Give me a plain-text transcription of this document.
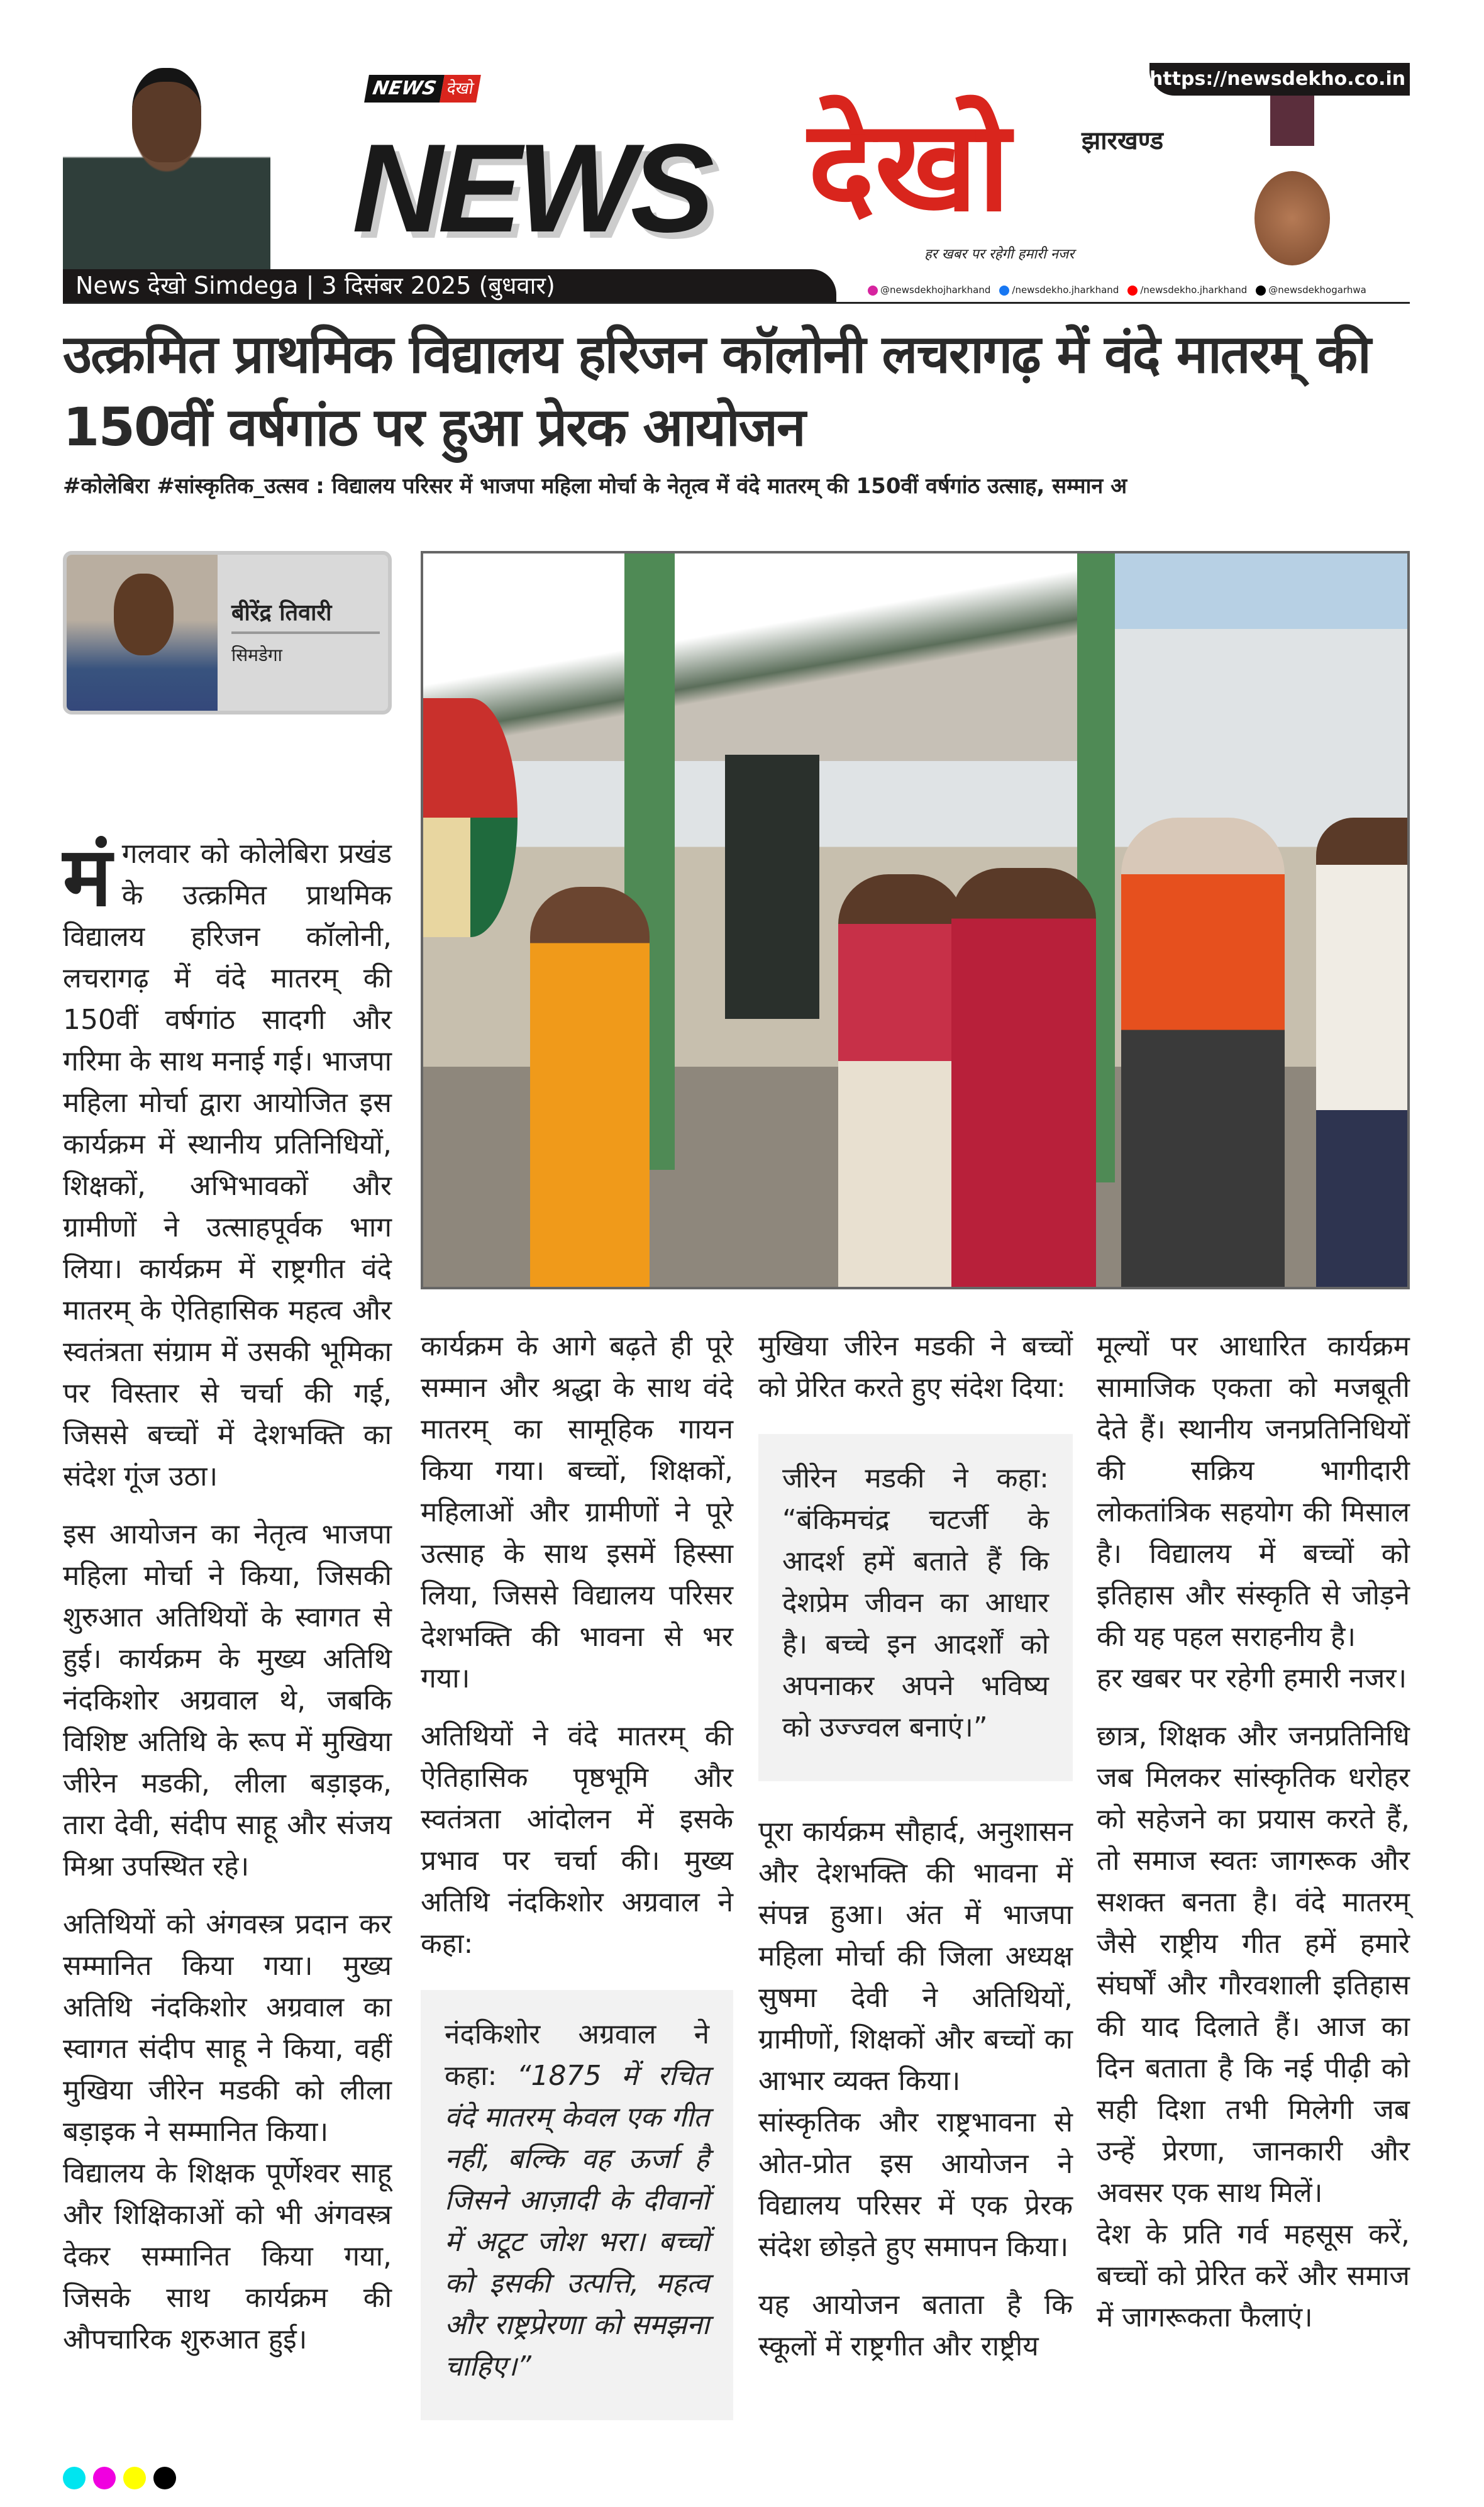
News देखो Simdega | 3 दिसंबर 2025 (बुधवार)
NEWS देखो
NEWS देखो	झारखण्ड
हर खबर पर रहेगी हमारी नजर
https://newsdekho.co.in
@newsdekhojharkhand	/newsdekho.jharkhand	/newsdekho.jharkhand	@newsdekhogarhwa
उत्क्रमित प्राथमिक विद्यालय हरिजन कॉलोनी लचरागढ़ में वंदे मातरम् की 150वीं वर्षगांठ पर हुआ प्रेरक आयोजन
#कोलेबिरा #सांस्कृतिक_उत्सव : विद्यालय परिसर में भाजपा महिला मोर्चा के नेतृत्व में वंदे मातरम् की 150वीं वर्षगांठ उत्साह, सम्मान अ
बीरेंद्र तिवारी
सिमडेगा

मंगलवार को कोलेबिरा प्रखंड के उत्क्रमित प्राथमिक विद्यालय हरिजन कॉलोनी, लचरागढ़ में वंदे मातरम् की 150वीं वर्षगांठ सादगी और गरिमा के साथ मनाई गई। भाजपा महिला मोर्चा द्वारा आयोजित इस कार्यक्रम में स्थानीय प्रतिनिधियों, शिक्षकों, अभिभावकों और ग्रामीणों ने उत्साहपूर्वक भाग लिया। कार्यक्रम में राष्ट्रगीत वंदे मातरम् के ऐतिहासिक महत्व और स्वतंत्रता संग्राम में उसकी भूमिका पर विस्तार से चर्चा की गई, जिससे बच्चों में देशभक्ति का संदेश गूंज उठा।

इस आयोजन का नेतृत्व भाजपा महिला मोर्चा ने किया, जिसकी शुरुआत अतिथियों के स्वागत से हुई। कार्यक्रम के मुख्य अतिथि नंदकिशोर अग्रवाल थे, जबकि विशिष्ट अतिथि के रूप में मुखिया जीरेन मडकी, लीला बड़ाइक, तारा देवी, संदीप साहू और संजय मिश्रा उपस्थित रहे।

अतिथियों को अंगवस्त्र प्रदान कर सम्मानित किया गया। मुख्य अतिथि नंदकिशोर अग्रवाल का स्वागत संदीप साहू ने किया, वहीं मुखिया जीरेन मडकी को लीला बड़ाइक ने सम्मानित किया।

विद्यालय के शिक्षक पूर्णेश्वर साहू और शिक्षिकाओं को भी अंगवस्त्र देकर सम्मानित किया गया, जिसके साथ कार्यक्रम की औपचारिक शुरुआत हुई।

कार्यक्रम के आगे बढ़ते ही पूरे सम्मान और श्रद्धा के साथ वंदे मातरम् का सामूहिक गायन किया गया। बच्चों, शिक्षकों, महिलाओं और ग्रामीणों ने पूरे उत्साह के साथ इसमें हिस्सा लिया, जिससे विद्यालय परिसर देशभक्ति की भावना से भर गया।

अतिथियों ने वंदे मातरम् की ऐतिहासिक पृष्ठभूमि और स्वतंत्रता आंदोलन में इसके प्रभाव पर चर्चा की। मुख्य अतिथि नंदकिशोर अग्रवाल ने कहा:

नंदकिशोर अग्रवाल ने कहा: “1875 में रचित वंदे मातरम् केवल एक गीत नहीं, बल्कि वह ऊर्जा है जिसने आज़ादी के दीवानों में अटूट जोश भरा। बच्चों को इसकी उत्पत्ति, महत्व और राष्ट्रप्रेरणा को समझना चाहिए।”

मुखिया जीरेन मडकी ने बच्चों को प्रेरित करते हुए संदेश दिया:

जीरेन मडकी ने कहा: “बंकिमचंद्र चटर्जी के आदर्श हमें बताते हैं कि देशप्रेम जीवन का आधार है। बच्चे इन आदर्शों को अपनाकर अपने भविष्य को उज्ज्वल बनाएं।”

पूरा कार्यक्रम सौहार्द, अनुशासन और देशभक्ति की भावना में संपन्न हुआ। अंत में भाजपा महिला मोर्चा की जिला अध्यक्ष सुषमा देवी ने अतिथियों, ग्रामीणों, शिक्षकों और बच्चों का आभार व्यक्त किया।

सांस्कृतिक और राष्ट्रभावना से ओत-प्रोत इस आयोजन ने विद्यालय परिसर में एक प्रेरक संदेश छोड़ते हुए समापन किया।

यह आयोजन बताता है कि स्कूलों में राष्ट्रगीत और राष्ट्रीय

मूल्यों पर आधारित कार्यक्रम सामाजिक एकता को मजबूती देते हैं। स्थानीय जनप्रतिनिधियों की सक्रिय भागीदारी लोकतांत्रिक सहयोग की मिसाल है। विद्यालय में बच्चों को इतिहास और संस्कृति से जोड़ने की यह पहल सराहनीय है।

हर खबर पर रहेगी हमारी नजर।

छात्र, शिक्षक और जनप्रतिनिधि जब मिलकर सांस्कृतिक धरोहर को सहेजने का प्रयास करते हैं, तो समाज स्वतः जागरूक और सशक्त बनता है। वंदे मातरम् जैसे राष्ट्रीय गीत हमें हमारे संघर्षों और गौरवशाली इतिहास की याद दिलाते हैं। आज का दिन बताता है कि नई पीढ़ी को सही दिशा तभी मिलेगी जब उन्हें प्रेरणा, जानकारी और अवसर एक साथ मिलें।

देश के प्रति गर्व महसूस करें, बच्चों को प्रेरित करें और समाज में जागरूकता फैलाएं।
